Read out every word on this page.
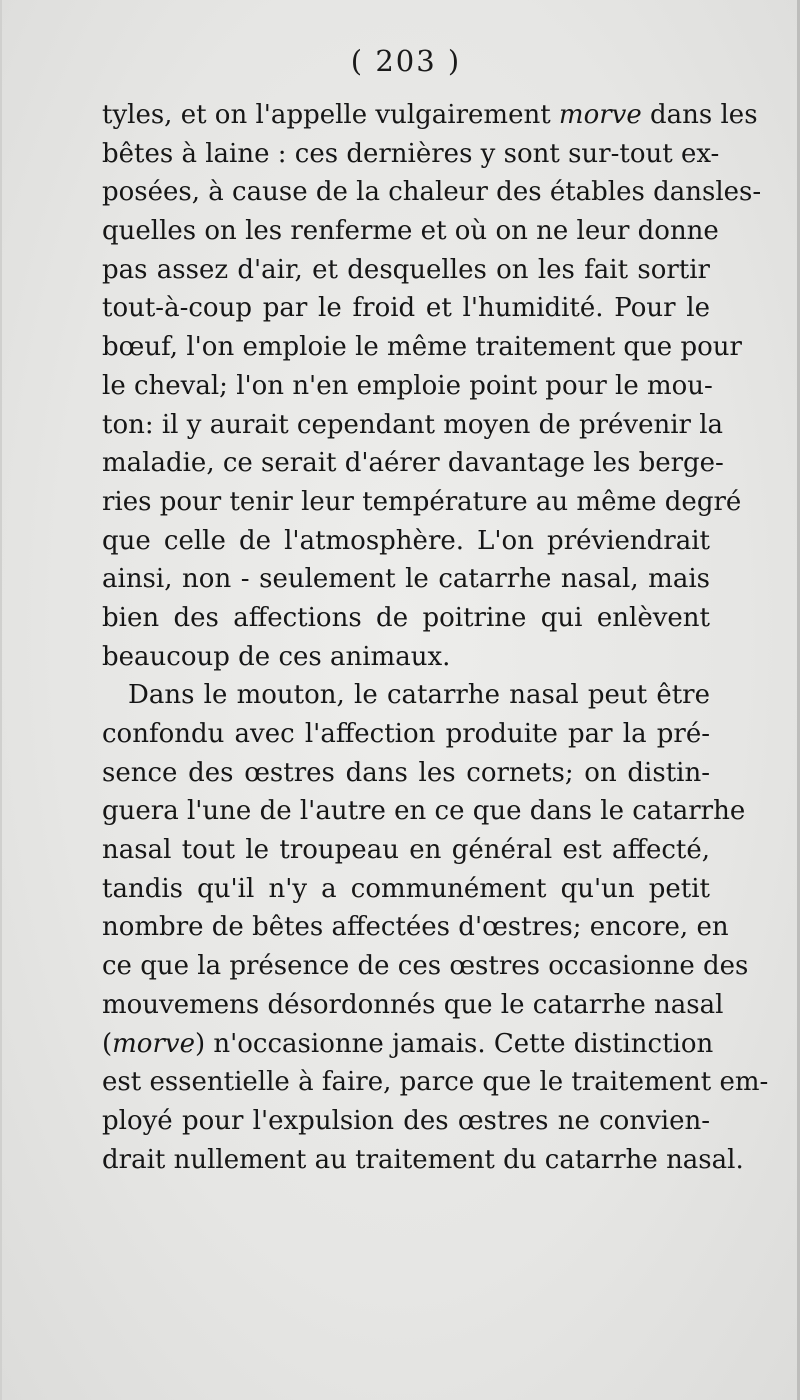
( 203 )
tyles, et on l'appelle vulgairement morve dans les
bêtes à laine : ces dernières y sont sur-tout ex-
posées, à cause de la chaleur des étables dansles-
quelles on les renferme et où on ne leur donne
pas assez d'air, et desquelles on les fait sortir
tout-à-coup par le froid et l'humidité. Pour le
bœuf, l'on emploie le même traitement que pour
le cheval; l'on n'en emploie point pour le mou-
ton: il y aurait cependant moyen de prévenir la
maladie, ce serait d'aérer davantage les berge-
ries pour tenir leur température au même degré
que celle de l'atmosphère. L'on préviendrait
ainsi, non - seulement le catarrhe nasal, mais
bien des affections de poitrine qui enlèvent
beaucoup de ces animaux.
Dans le mouton, le catarrhe nasal peut être
confondu avec l'affection produite par la pré-
sence des œstres dans les cornets; on distin-
guera l'une de l'autre en ce que dans le catarrhe
nasal tout le troupeau en général est affecté,
tandis qu'il n'y a communément qu'un petit
nombre de bêtes affectées d'œstres; encore, en
ce que la présence de ces œstres occasionne des
mouvemens désordonnés que le catarrhe nasal
(morve) n'occasionne jamais. Cette distinction
est essentielle à faire, parce que le traitement em-
ployé pour l'expulsion des œstres ne convien-
drait nullement au traitement du catarrhe nasal.
